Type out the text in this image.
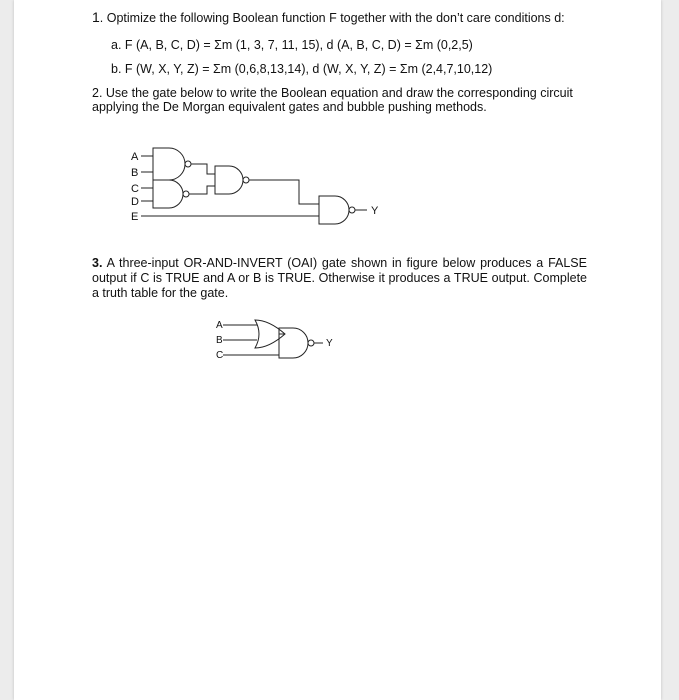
1. Optimize the following Boolean function F together with the don’t care conditions d:
a. F (A, B, C, D) = Σm (1, 3, 7, 11, 15), d (A, B, C, D) = Σm (0,2,5)
b. F (W, X, Y, Z) = Σm (0,6,8,13,14), d (W, X, Y, Z) = Σm (2,4,7,10,12)
2. Use the gate below to write the Boolean equation and draw the corresponding circuit
applying the De Morgan equivalent gates and bubble pushing methods.
A
B
C
D
E	Y
3. A three-input OR-AND-INVERT (OAI) gate shown in figure below produces a FALSE output if C is TRUE and A or B is TRUE. Otherwise it produces a TRUE output. Complete a truth table for the gate.
A
B
C
Y
